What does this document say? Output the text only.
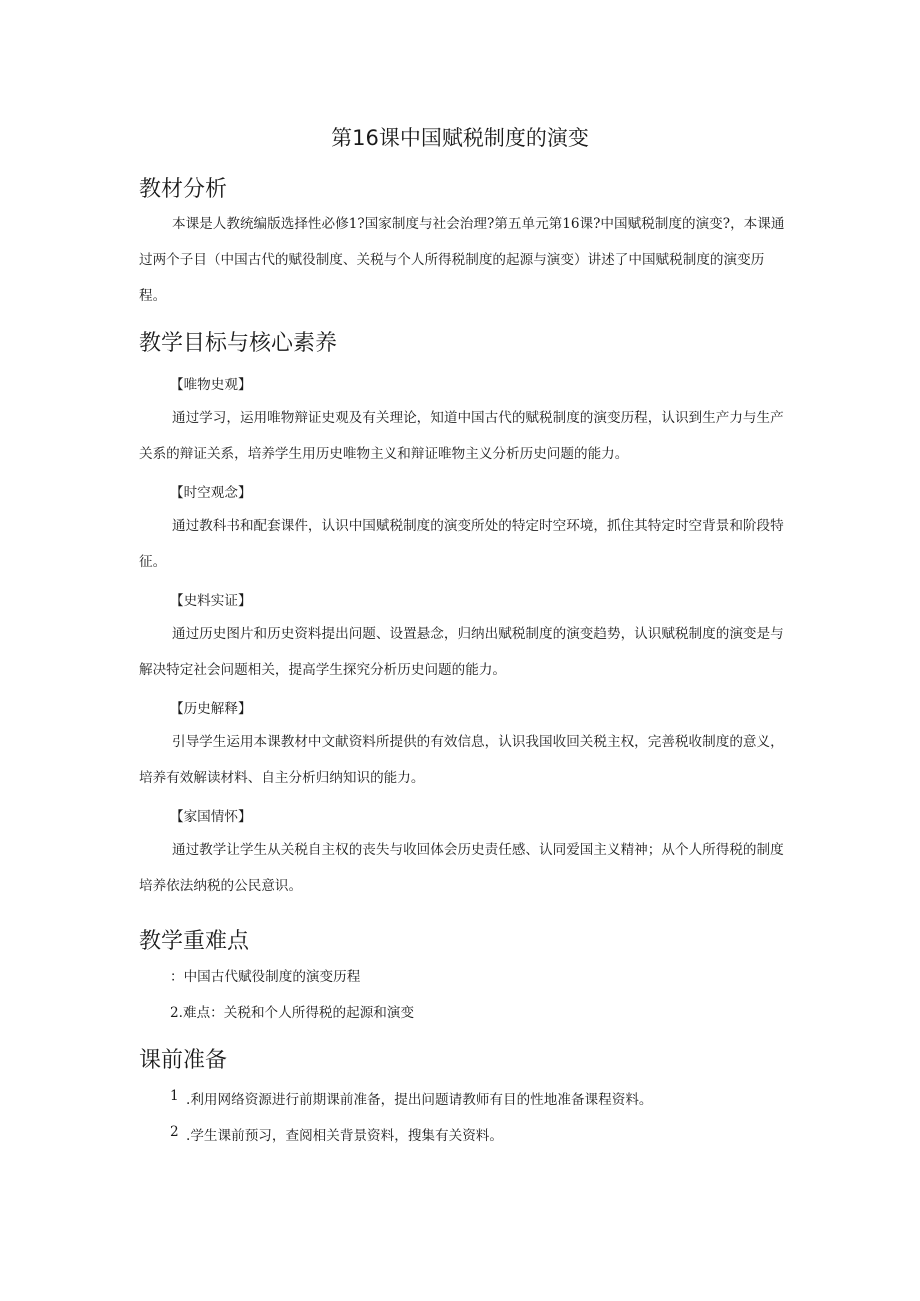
第16课中国赋税制度的演变
教材分析

本课是人教统编版选择性必修1?国家制度与社会治理?第五单元第16课?中国赋税制度的演变?，本课通过两个子目（中国古代的赋役制度、关税与个人所得税制度的起源与演变）讲述了中国赋税制度的演变历程。

教学目标与核心素养
【唯物史观】

通过学习，运用唯物辩证史观及有关理论，知道中国古代的赋税制度的演变历程，认识到生产力与生产关系的辩证关系，培养学生用历史唯物主义和辩证唯物主义分析历史问题的能力。

【时空观念】

通过教科书和配套课件，认识中国赋税制度的演变所处的特定时空环境，抓住其特定时空背景和阶段特征。

【史料实证】

通过历史图片和历史资料提出问题、设置悬念，归纳出赋税制度的演变趋势，认识赋税制度的演变是与解决特定社会问题相关，提高学生探究分析历史问题的能力。

【历史解释】

引导学生运用本课教材中文献资料所提供的有效信息，认识我国收回关税主权，完善税收制度的意义，培养有效解读材料、自主分析归纳知识的能力。

【家国情怀】

通过教学让学生从关税自主权的丧失与收回体会历史责任感、认同爱国主义精神；从个人所得税的制度培养依法纳税的公民意识。

教学重难点
：中国古代赋役制度的演变历程
2.难点：关税和个人所得税的起源和演变
课前准备
1 .利用网络资源进行前期课前准备，提出问题请教师有目的性地准备课程资料。
2 .学生课前预习，查阅相关背景资料，搜集有关资料。
